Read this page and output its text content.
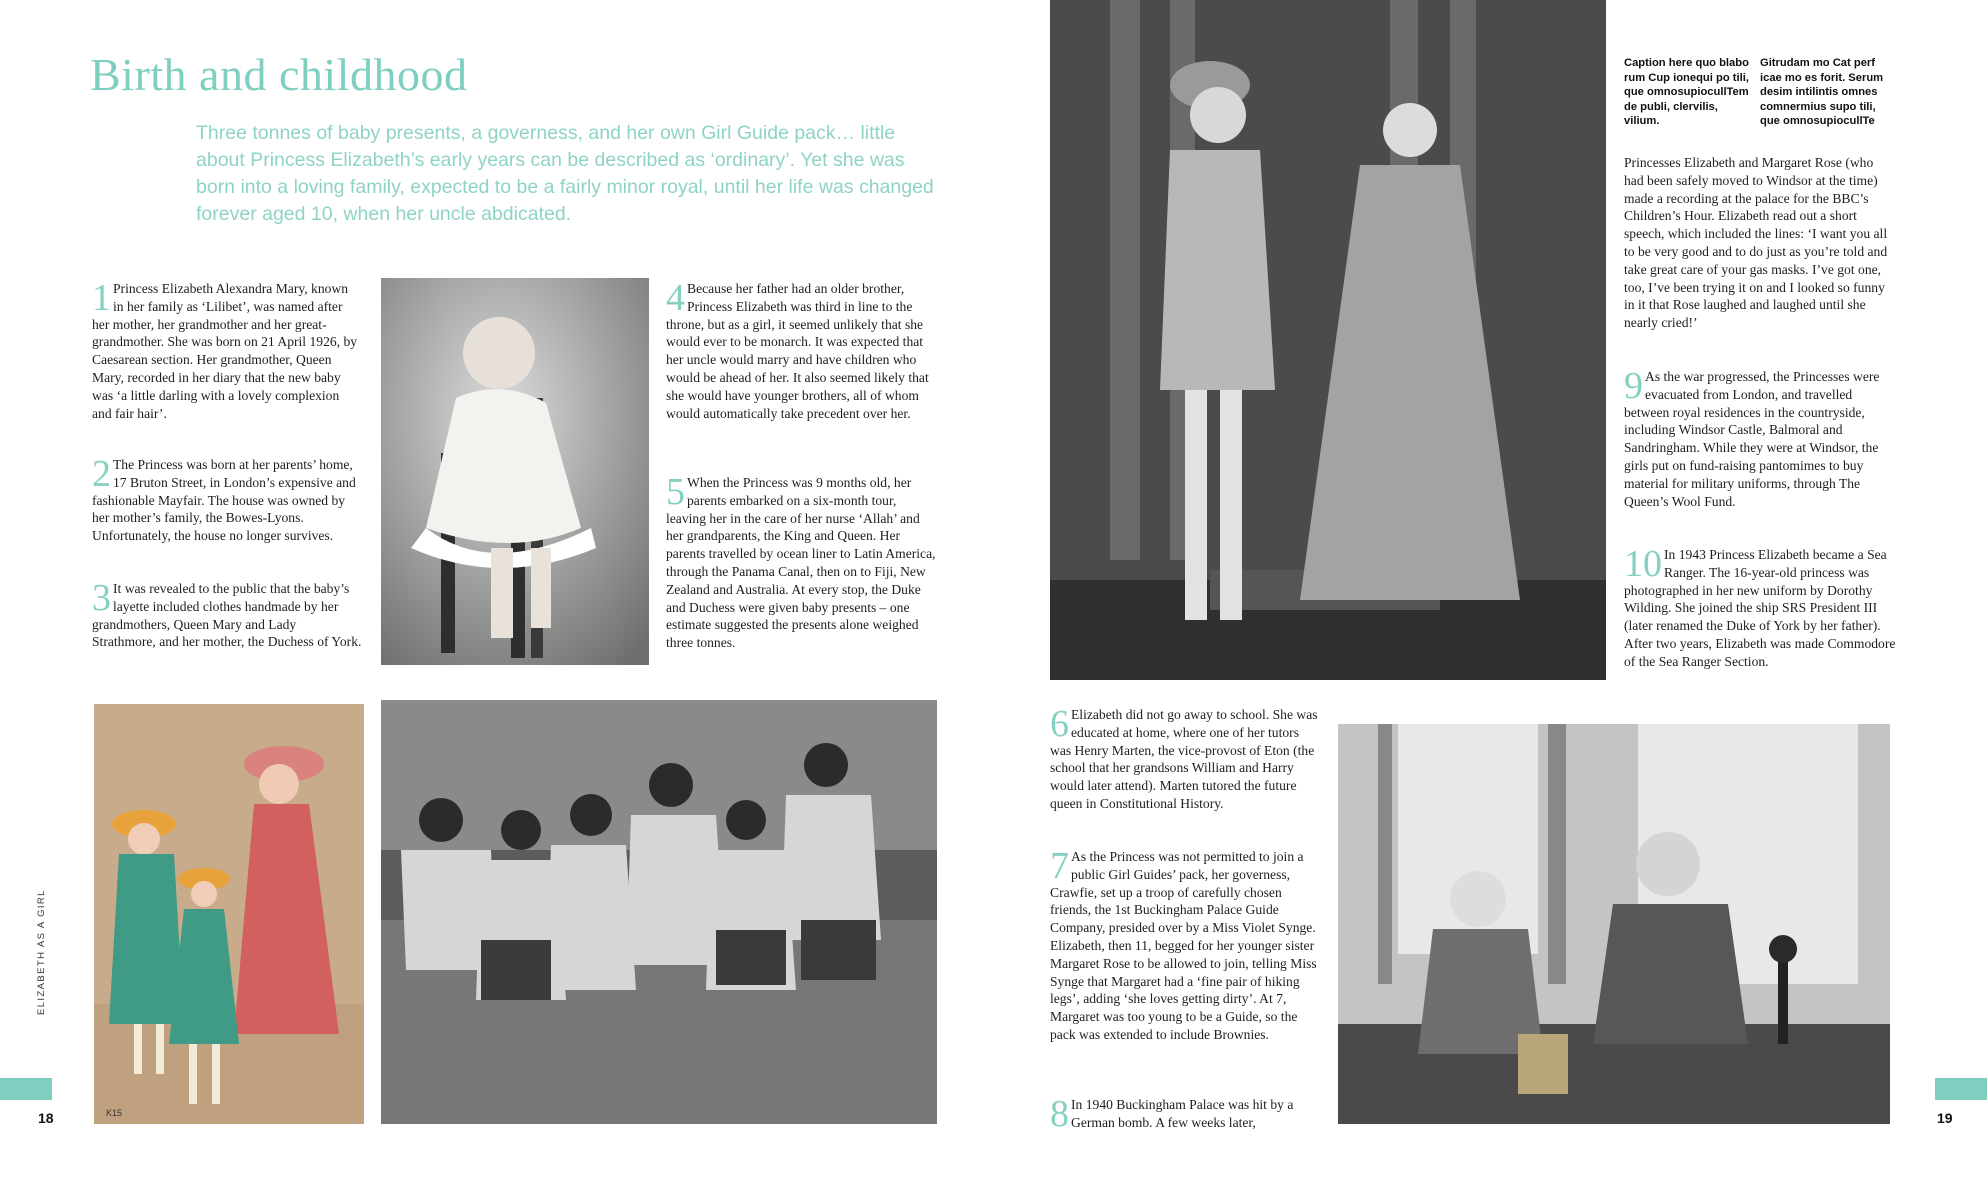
Birth and childhood
Three tonnes of baby presents, a governess, and her own Girl Guide pack… little about Princess Elizabeth’s early years can be described as ‘ordinary’. Yet she was born into a loving family, expected to be a fairly minor royal, until her life was changed forever aged 10, when her uncle abdicated.
1 Princess Elizabeth Alexandra Mary, known in her family as ‘Lilibet’, was named after her mother, her grandmother and her great-grandmother. She was born on 21 April 1926, by Caesarean section. Her grandmother, Queen Mary, recorded in her diary that the new baby was ‘a little darling with a lovely complexion and fair hair’.
2 The Princess was born at her parents’ home, 17 Bruton Street, in London’s expensive and fashionable Mayfair. The house was owned by her mother’s family, the Bowes-Lyons. Unfortunately, the house no longer survives.
3 It was revealed to the public that the baby’s layette included clothes handmade by her grandmothers, Queen Mary and Lady Strathmore, and her mother, the Duchess of York.
4 Because her father had an older brother, Princess Elizabeth was third in line to the throne, but as a girl, it seemed unlikely that she would ever to be monarch. It was expected that her uncle would marry and have children who would be ahead of her. It also seemed likely that she would have younger brothers, all of whom would automatically take precedent over her.
5 When the Princess was 9 months old, her parents embarked on a six-month tour, leaving her in the care of her nurse ‘Allah’ and her grandparents, the King and Queen. Her parents travelled by ocean liner to Latin America, through the Panama Canal, then on to Fiji, New Zealand and Australia. At every stop, the Duke and Duchess were given baby presents – one estimate suggested the presents alone weighed three tonnes.
K15
18
ELIZABETH AS A GIRL
Caption here quo blabo rum Cup ionequi po tili, que omnosupiocullTem de publi, clervilis, vilium.
Gitrudam mo Cat perf icae mo es forit. Serum desim intilintis omnes comnermius supo tili, que omnosupiocullTe
Princesses Elizabeth and Margaret Rose (who had been safely moved to Windsor at the time) made a recording at the palace for the BBC’s Children’s Hour. Elizabeth read out a short speech, which included the lines: ‘I want you all to be very good and to do just as you’re told and take great care of your gas masks. I’ve got one, too, I’ve been trying it on and I looked so funny in it that Rose laughed and laughed until she nearly cried!’
9 As the war progressed, the Princesses were evacuated from London, and travelled between royal residences in the countryside, including Windsor Castle, Balmoral and Sandringham. While they were at Windsor, the girls put on fund-raising pantomimes to buy material for military uniforms, through The Queen’s Wool Fund.
10 In 1943 Princess Elizabeth became a Sea Ranger. The 16-year-old princess was photographed in her new uniform by Dorothy Wilding. She joined the ship SRS President III (later renamed the Duke of York by her father). After two years, Elizabeth was made Commodore of the Sea Ranger Section.
6 Elizabeth did not go away to school. She was educated at home, where one of her tutors was Henry Marten, the vice-provost of Eton (the school that her grandsons William and Harry would later attend). Marten tutored the future queen in Constitutional History.
7 As the Princess was not permitted to join a public Girl Guides’ pack, her governess, Crawfie, set up a troop of carefully chosen friends, the 1st Buckingham Palace Guide Company, presided over by a Miss Violet Synge. Elizabeth, then 11, begged for her younger sister Margaret Rose to be allowed to join, telling Miss Synge that Margaret had a ‘fine pair of hiking legs’, adding ‘she loves getting dirty’. At 7, Margaret was too young to be a Guide, so the pack was extended to include Brownies.
8 In 1940 Buckingham Palace was hit by a German bomb. A few weeks later,	19
